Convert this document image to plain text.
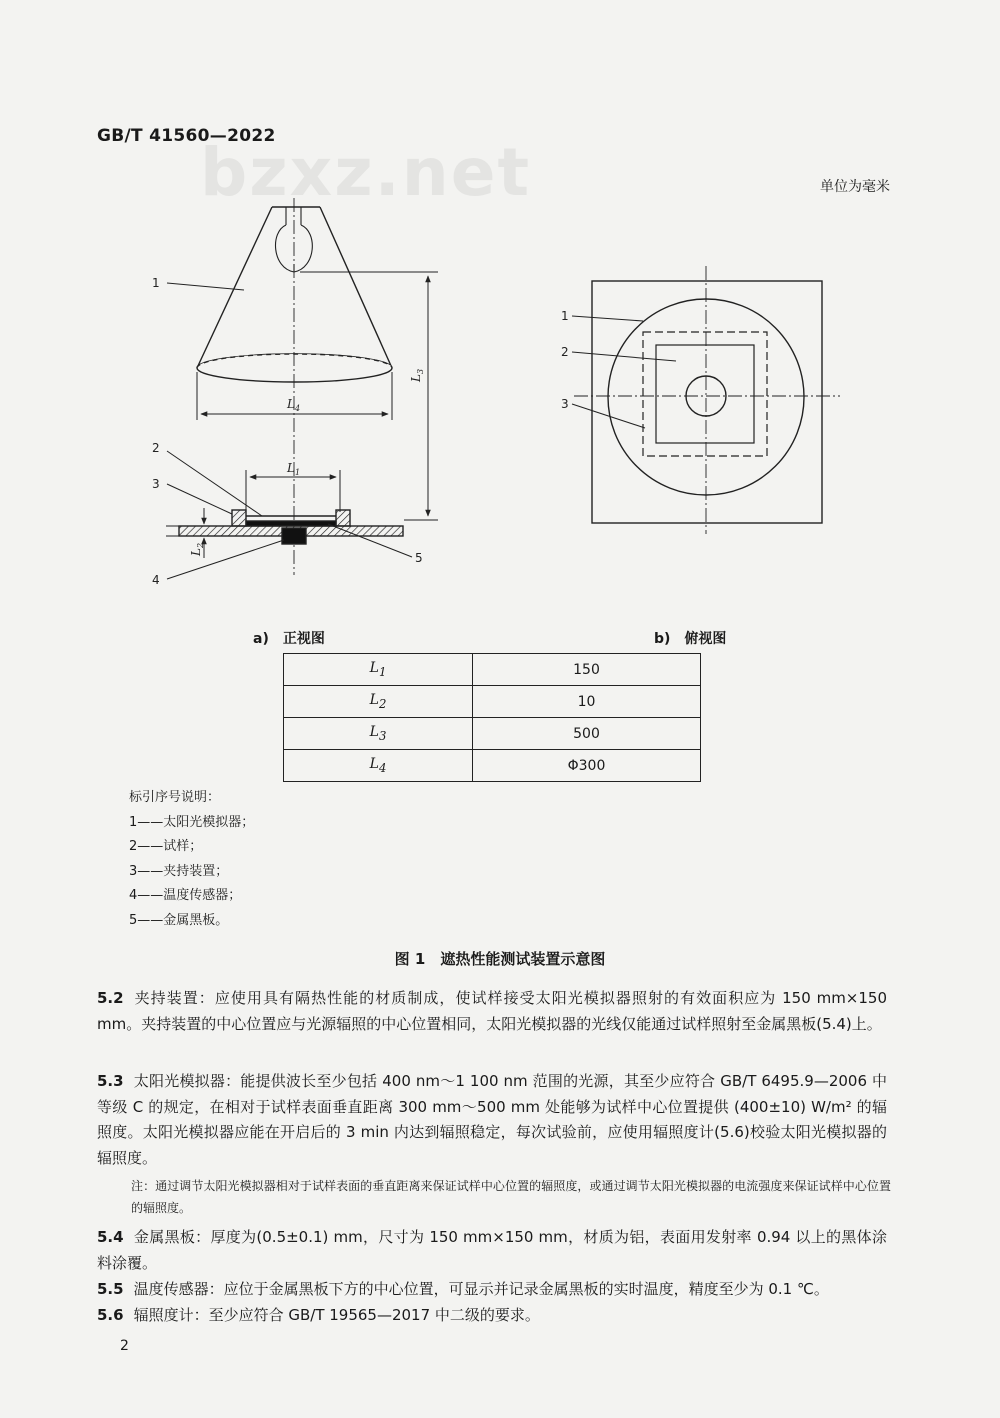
GB/T 41560—2022
bzxz.net	单位为毫米
1
2
3
4
5
$L_4$
$L_1$
$L_3$
$L_2$
1
2
3
a)　正视图	b)　俯视图
$L_1$	150
$L_2$	10
$L_3$	500
$L_4$	Φ300
标引序号说明：
1——太阳光模拟器；
2——试样；
3——夹持装置；
4——温度传感器；
5——金属黑板。
图 1　遮热性能测试装置示意图
5.2 夹持装置：应使用具有隔热性能的材质制成，使试样接受太阳光模拟器照射的有效面积应为 150 mm×150 mm。夹持装置的中心位置应与光源辐照的中心位置相同，太阳光模拟器的光线仅能通过试样照射至金属黑板(5.4)上。
5.3 太阳光模拟器：能提供波长至少包括 400 nm～1 100 nm 范围的光源，其至少应符合 GB/T 6495.9—2006 中等级 C 的规定，在相对于试样表面垂直距离 300 mm～500 mm 处能够为试样中心位置提供 (400±10) W/m² 的辐照度。太阳光模拟器应能在开启后的 3 min 内达到辐照稳定，每次试验前，应使用辐照度计(5.6)校验太阳光模拟器的辐照度。
注：通过调节太阳光模拟器相对于试样表面的垂直距离来保证试样中心位置的辐照度，或通过调节太阳光模拟器的电流强度来保证试样中心位置的辐照度。
5.4 金属黑板：厚度为(0.5±0.1) mm，尺寸为 150 mm×150 mm，材质为铝，表面用发射率 0.94 以上的黑体涂料涂覆。
5.5 温度传感器：应位于金属黑板下方的中心位置，可显示并记录金属黑板的实时温度，精度至少为 0.1 ℃。
5.6 辐照度计：至少应符合 GB/T 19565—2017 中二级的要求。
2
